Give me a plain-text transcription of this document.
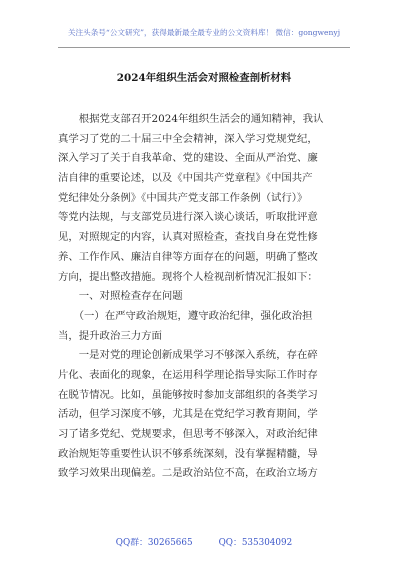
关注头条号“公文研究”，获得最新最全最专业的公文资料库！ 微信：gongwenyj
2024年组织生活会对照检查剖析材料
　　根据党支部召开2024年组织生活会的通知精神，我认
真学习了党的二十届三中全会精神，深入学习党规党纪，
深入学习了关于自我革命、党的建设、全面从严治党、廉
洁自律的重要论述，以及《中国共产党章程》《中国共产
党纪律处分条例》《中国共产党支部工作条例（试行）》
等党内法规，与支部党员进行深入谈心谈话，听取批评意
见，对照规定的内容，认真对照检查，查找自身在党性修
养、工作作风、廉洁自律等方面存在的问题，明确了整改
方向，提出整改措施。现将个人检视剖析情况汇报如下：
　　一、对照检查存在问题
　　（一）在严守政治规矩，遵守政治纪律，强化政治担
当，提升政治三力方面
　　一是对党的理论创新成果学习不够深入系统，存在碎
片化、表面化的现象，在运用科学理论指导实际工作时存
在脱节情况。比如，虽能够按时参加支部组织的各类学习
活动，但学习深度不够，尤其是在党纪学习教育期间，学
习了诸多党纪、党规要求，但思考不够深入，对政治纪律
政治规矩等重要性认识不够系统深刻，没有掌握精髓，导
致学习效果出现偏差。二是政治站位不高，在政治立场方
QQ群：30265665	QQ：535304092
